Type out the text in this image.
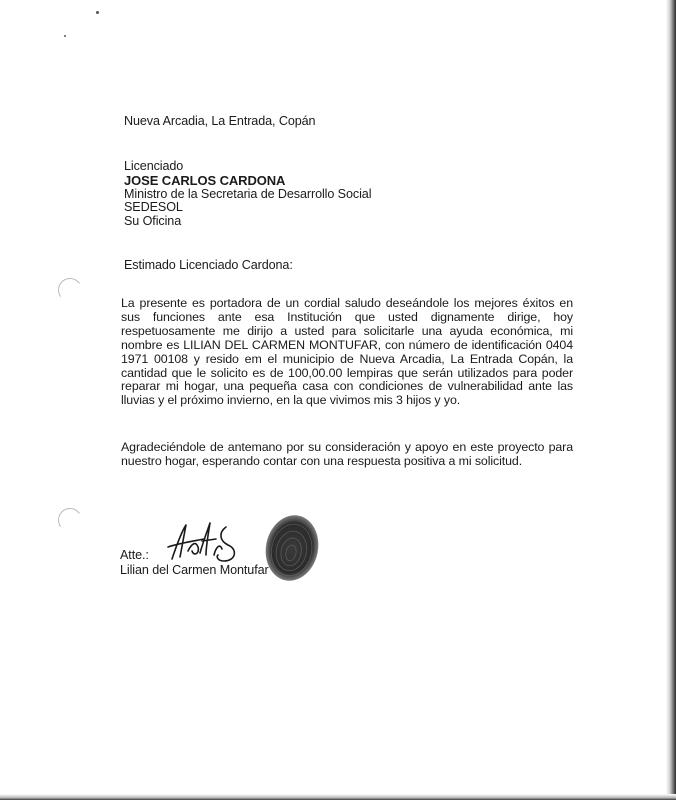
Nueva Arcadia, La Entrada, Copán
Licenciado
JOSE CARLOS CARDONA
Ministro de la Secretaria de Desarrollo Social
SEDESOL
Su Oficina
Estimado Licenciado Cardona:
La presente es portadora de un cordial saludo deseándole los mejores éxitos en sus funciones ante esa Institución que usted dignamente dirige, hoy respetuosamente me dirijo a usted para solicitarle una ayuda económica, mi nombre es LILIAN DEL CARMEN MONTUFAR, con número de identificación 0404 1971 00108 y resido em el municipio de Nueva Arcadia, La Entrada Copán, la cantidad que le solicito es de 100,00.00 lempiras que serán utilizados para poder reparar mi hogar, una pequeña casa con condiciones de vulnerabilidad ante las lluvias y el próximo invierno, en la que vivimos mis 3 hijos y yo.
Agradeciéndole de antemano por su consideración y apoyo en este proyecto para nuestro hogar, esperando contar con una respuesta positiva a mi solicitud.
Atte.:
Lilian del Carmen Montufar
